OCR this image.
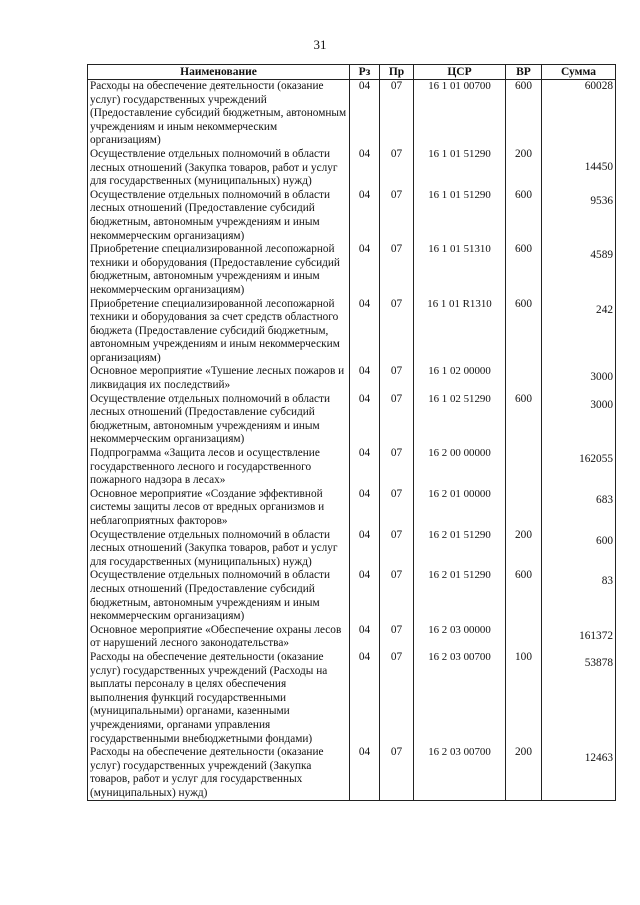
31
Наименование	Рз	Пр	ЦСР	ВР	Сумма
Расходы на обеспечение деятельности (оказание услуг) государственных учреждений (Предоставление субсидий бюджетным, автономным учреждениям и иным некоммерческим организациям)	04	07	16 1 01 00700	600	60028
Осуществление отдельных полномочий в области лесных отношений (Закупка товаров, работ и услуг для государственных (муниципальных) нужд)	04	07	16 1 01 51290	200	14450
Осуществление отдельных полномочий в области лесных отношений (Предоставление субсидий бюджетным, автономным учреждениям и иным некоммерческим организациям)	04	07	16 1 01 51290	600	9536
Приобретение специализированной лесопожарной техники и оборудования (Предоставление субсидий бюджетным, автономным учреждениям и иным некоммерческим организациям)	04	07	16 1 01 51310	600	4589
Приобретение специализированной лесопожарной техники и оборудования за счет средств областного бюджета (Предоставление субсидий бюджетным, автономным учреждениям и иным некоммерческим организациям)	04	07	16 1 01 R1310	600	242
Основное мероприятие «Тушение лесных пожаров и ликвидация их последствий»	04	07	16 1 02 00000		3000
Осуществление отдельных полномочий в области лесных отношений (Предоставление субсидий бюджетным, автономным учреждениям и иным некоммерческим организациям)	04	07	16 1 02 51290	600	3000
Подпрограмма «Защита лесов и осуществление государственного лесного и государственного пожарного надзора в лесах»	04	07	16 2 00 00000		162055
Основное мероприятие «Создание эффективной системы защиты лесов от вредных организмов и неблагоприятных факторов»	04	07	16 2 01 00000		683
Осуществление отдельных полномочий в области лесных отношений (Закупка товаров, работ и услуг для государственных (муниципальных) нужд)	04	07	16 2 01 51290	200	600
Осуществление отдельных полномочий в области лесных отношений (Предоставление субсидий бюджетным, автономным учреждениям и иным некоммерческим организациям)	04	07	16 2 01 51290	600	83
Основное мероприятие «Обеспечение охраны лесов от нарушений лесного законодательства»	04	07	16 2 03 00000		161372
Расходы на обеспечение деятельности (оказание услуг) государственных учреждений (Расходы на выплаты персоналу в целях обеспечения выполнения функций государственными (муниципальными) органами, казенными учреждениями, органами управления государственными внебюджетными фондами)	04	07	16 2 03 00700	100	53878
Расходы на обеспечение деятельности (оказание услуг) государственных учреждений (Закупка товаров, работ и услуг для государственных (муниципальных) нужд)	04	07	16 2 03 00700	200	12463
